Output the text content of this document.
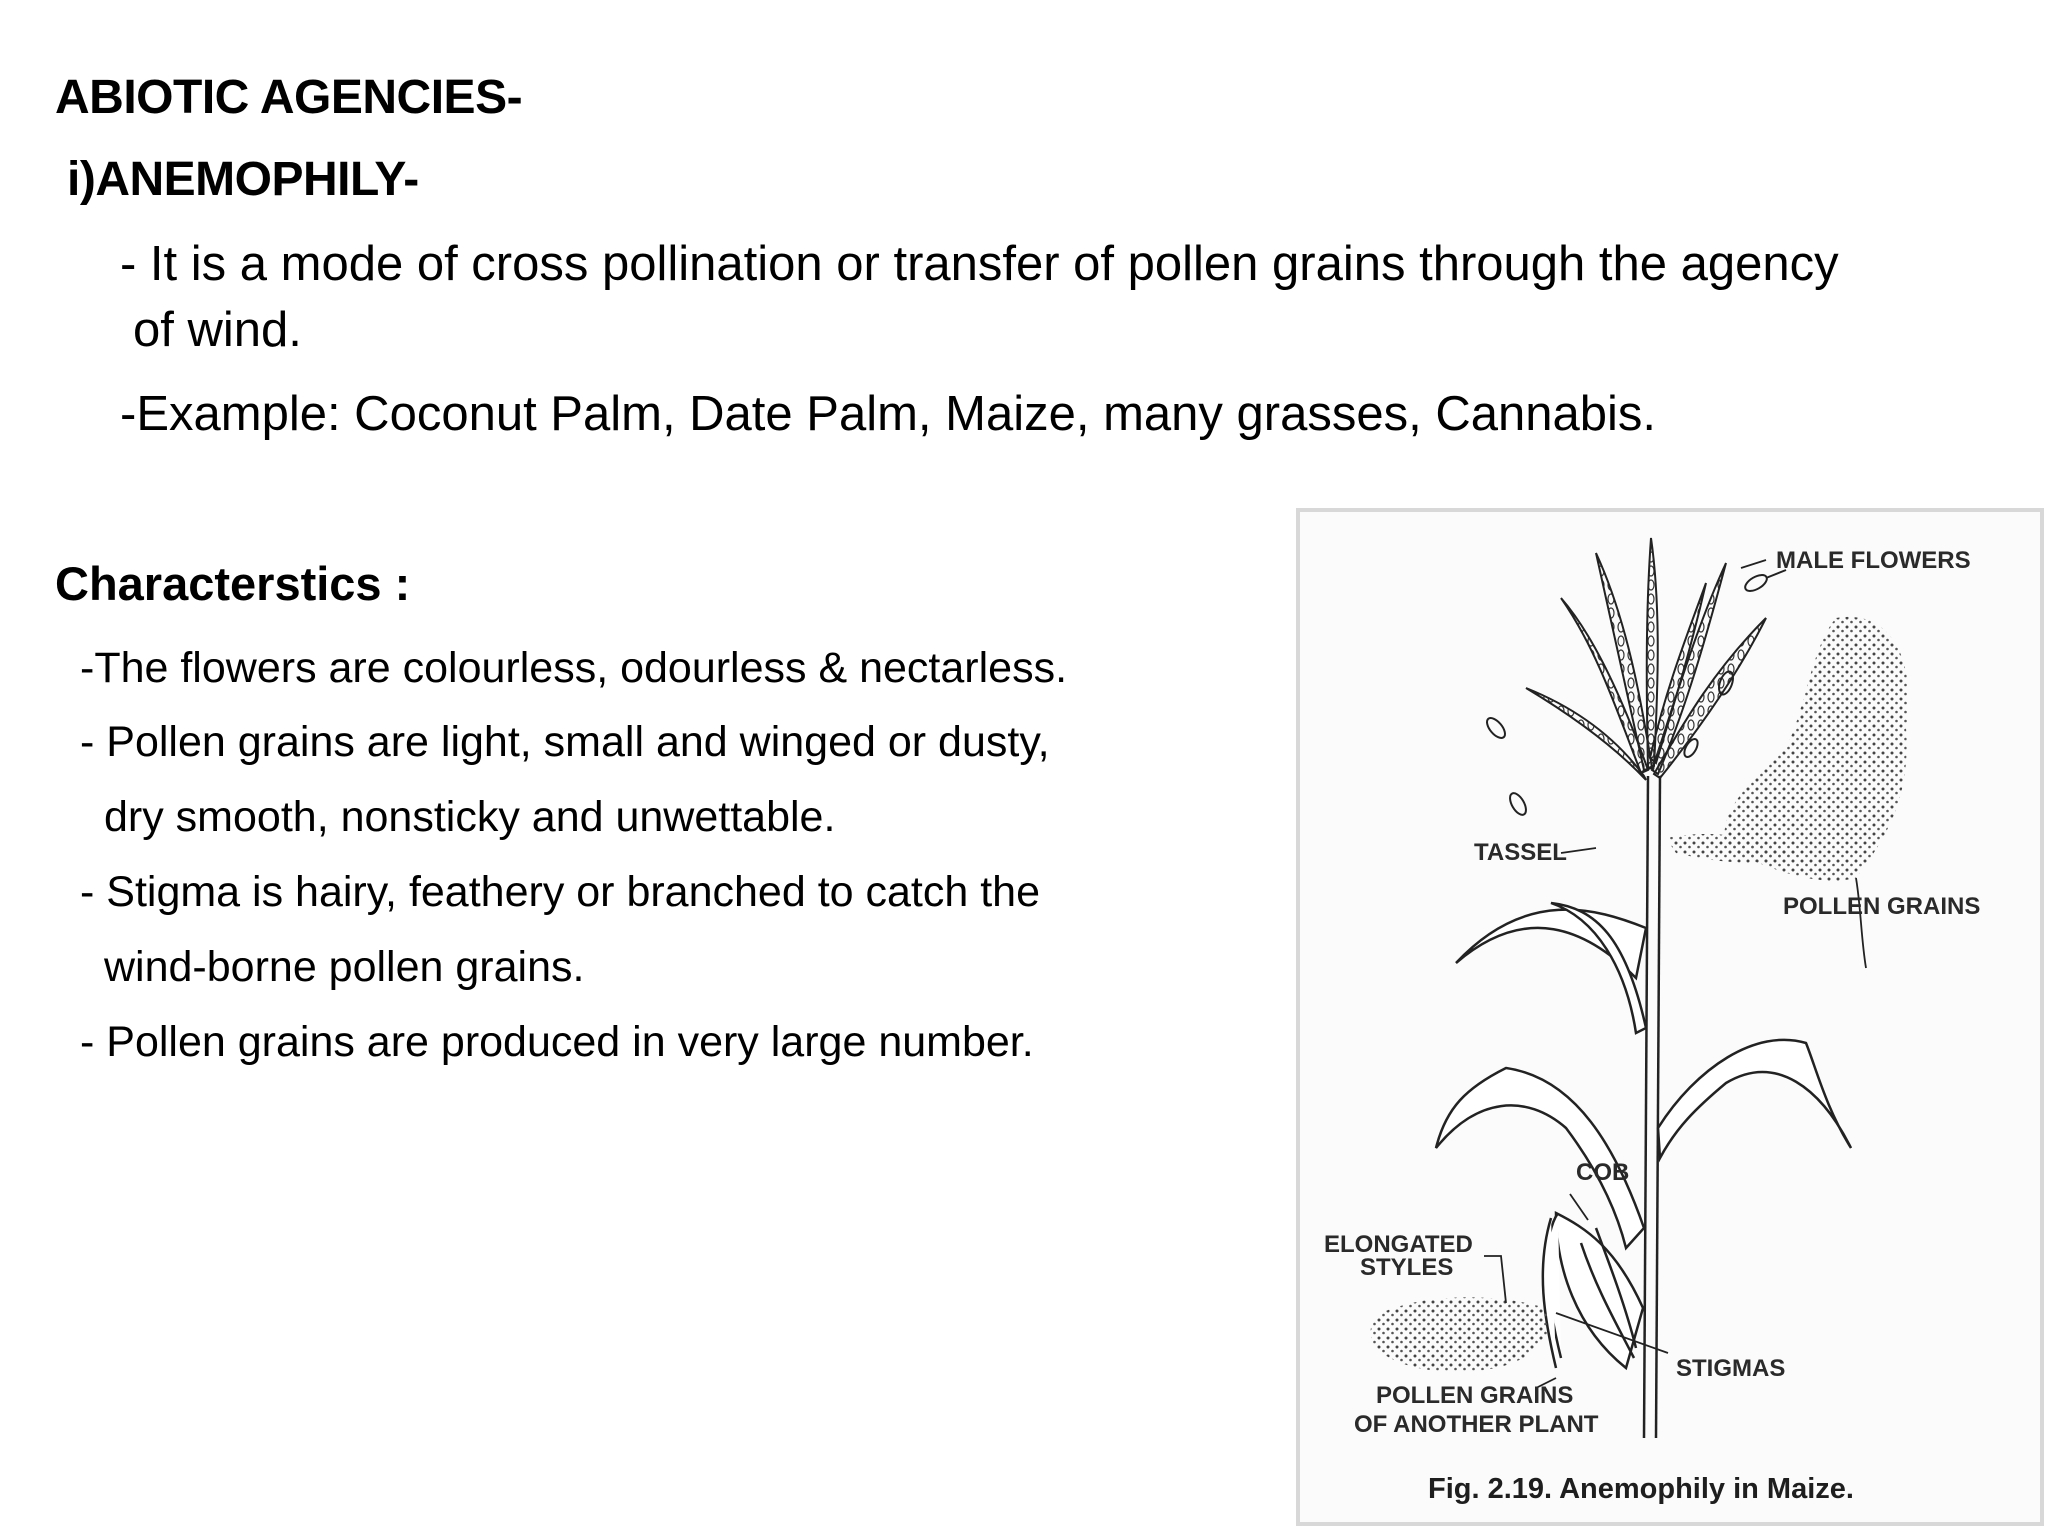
ABIOTIC AGENCIES-
i)ANEMOPHILY-
- It is a mode of cross pollination or transfer of pollen grains through the agency
of wind.
-Example: Coconut Palm, Date Palm, Maize, many grasses, Cannabis.
Characterstics :
-The flowers are colourless, odourless & nectarless.
- Pollen grains are light, small and winged or dusty,
dry smooth, nonsticky and unwettable.
- Stigma is hairy, feathery or branched to catch the
wind-borne pollen grains.
- Pollen grains are produced in very large number.
MALE FLOWERS
TASSEL
POLLEN GRAINS
COB
ELONGATED
STYLES
STIGMAS
POLLEN GRAINS
OF ANOTHER PLANT
Fig. 2.19. Anemophily in Maize.
